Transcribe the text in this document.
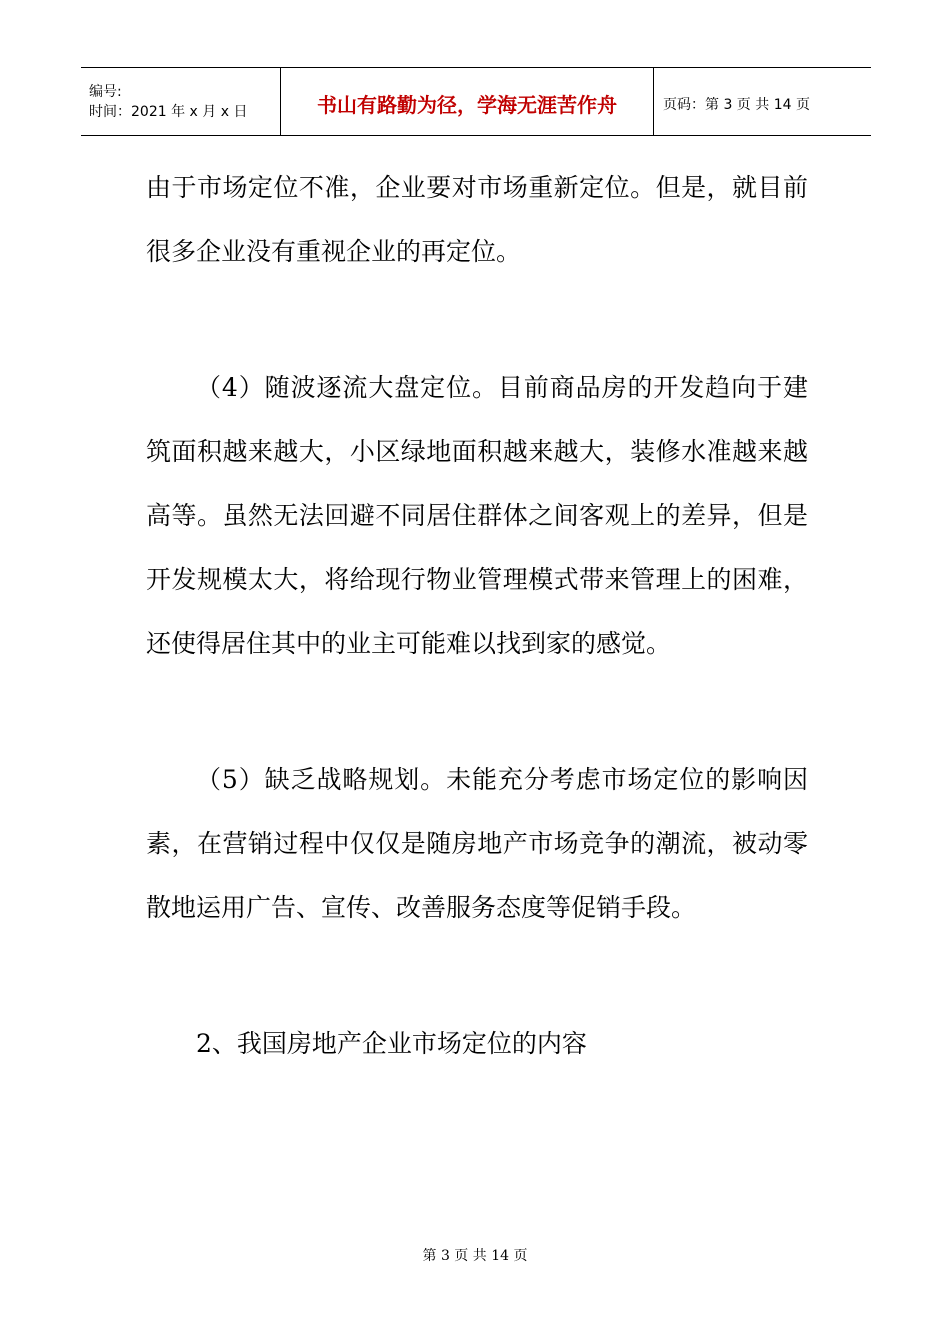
编号:
时间：2021 年 x 月 x 日	书山有路勤为径，学海无涯苦作舟	页码：第 3 页 共 14 页

由于市场定位不准，企业要对市场重新定位。但是，就目前很多企业没有重视企业的再定位。

（4）随波逐流大盘定位。目前商品房的开发趋向于建筑面积越来越大，小区绿地面积越来越大，装修水准越来越高等。虽然无法回避不同居住群体之间客观上的差异，但是开发规模太大，将给现行物业管理模式带来管理上的困难，还使得居住其中的业主可能难以找到家的感觉。

（5）缺乏战略规划。未能充分考虑市场定位的影响因素，在营销过程中仅仅是随房地产市场竞争的潮流，被动零散地运用广告、宣传、改善服务态度等促销手段。

2、我国房地产企业市场定位的内容

第 3 页 共 14 页
